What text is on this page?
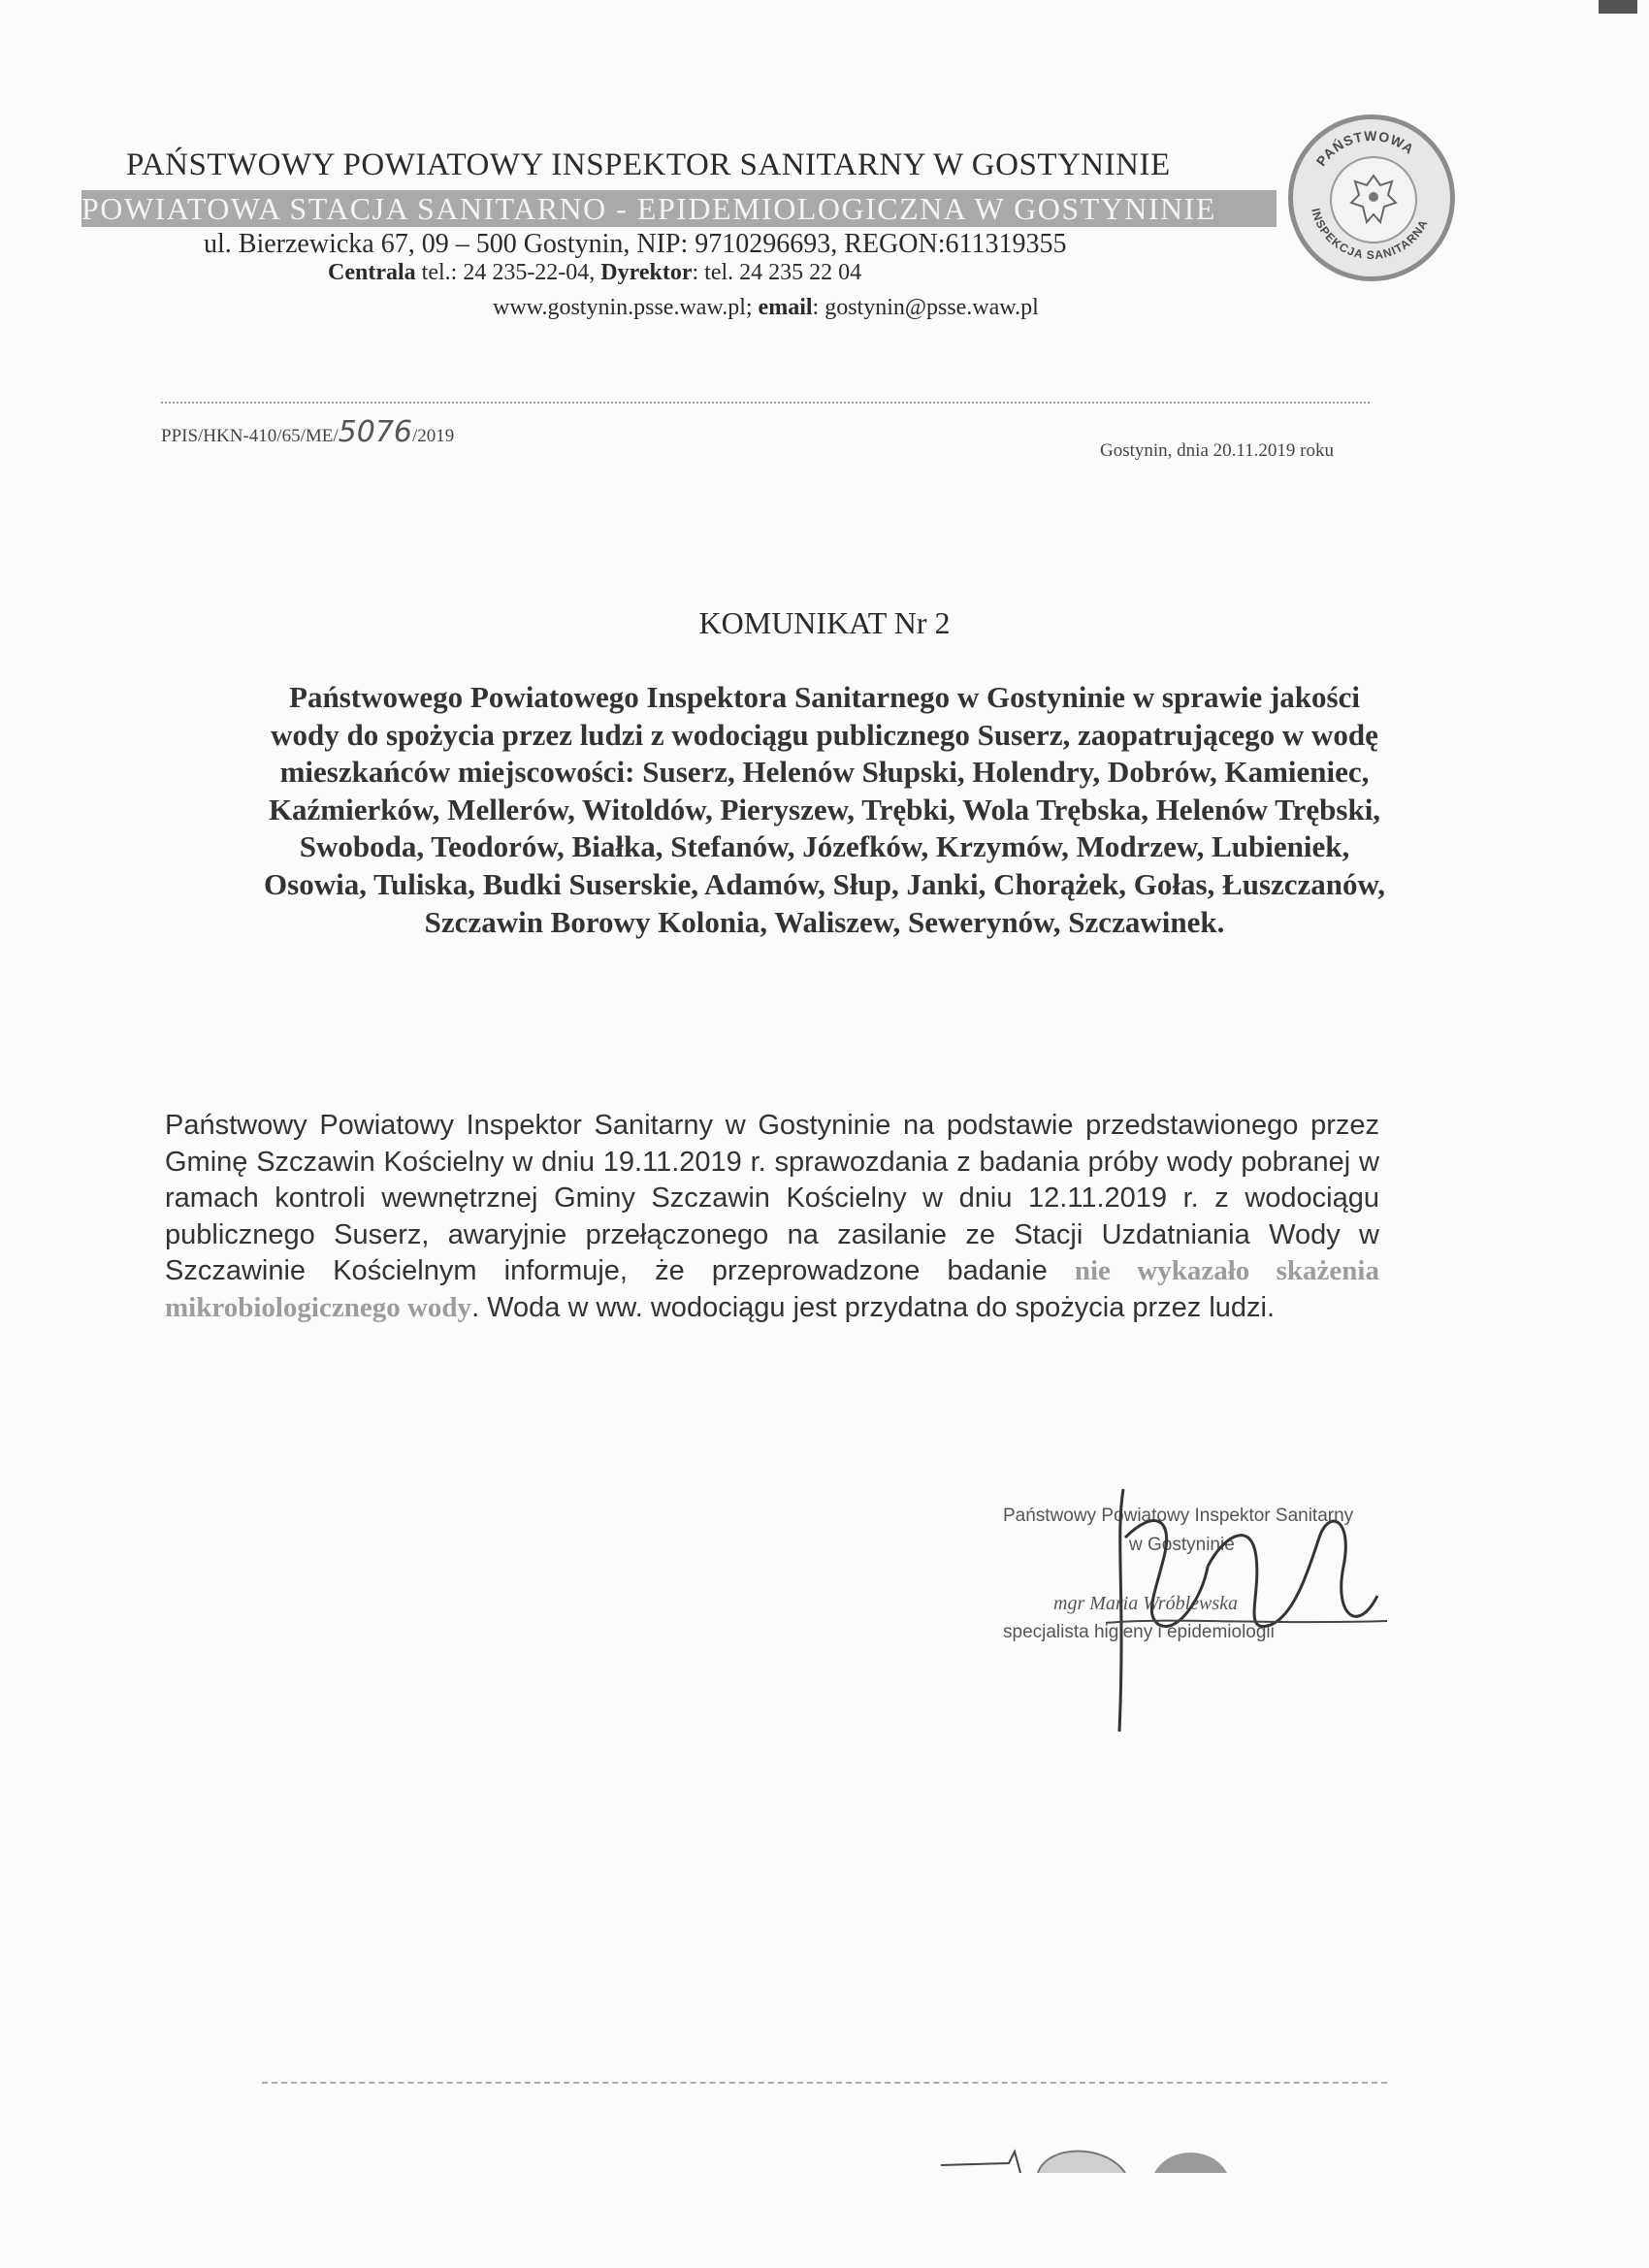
PAŃSTWOWY POWIATOWY INSPEKTOR SANITARNY W GOSTYNINIE
POWIATOWA STACJA SANITARNO - EPIDEMIOLOGICZNA W GOSTYNINIE
ul. Bierzewicka 67, 09 – 500 Gostynin, NIP: 9710296693, REGON:611319355
Centrala tel.: 24 235-22-04, Dyrektor: tel. 24 235 22 04
www.gostynin.psse.waw.pl; email: gostynin@psse.waw.pl
PAŃSTWOWA
INSPEKCJA SANITARNA
PPIS/HKN-410/65/ME/5076/2019
Gostynin, dnia 20.11.2019 roku
KOMUNIKAT Nr 2
Państwowego Powiatowego Inspektora Sanitarnego w Gostyninie w sprawie jakości
wody do spożycia przez ludzi z wodociągu publicznego Suserz, zaopatrującego w wodę
mieszkańców miejscowości: Suserz, Helenów Słupski, Holendry, Dobrów, Kamieniec,
Kaźmierków, Mellerów, Witoldów, Pieryszew, Trębki, Wola Trębska, Helenów Trębski,
Swoboda, Teodorów, Białka, Stefanów, Józefków, Krzymów, Modrzew, Lubieniek,
Osowia, Tuliska, Budki Suserskie, Adamów, Słup, Janki, Chorążek, Gołas, Łuszczanów,
Szczawin Borowy Kolonia, Waliszew, Sewerynów, Szczawinek.
Państwowy Powiatowy Inspektor Sanitarny w Gostyninie na podstawie przedstawionego przez Gminę Szczawin Kościelny w dniu 19.11.2019 r. sprawozdania z badania próby wody pobranej w ramach kontroli wewnętrznej Gminy Szczawin Kościelny w dniu 12.11.2019 r. z wodociągu publicznego Suserz, awaryjnie przełączonego na zasilanie ze Stacji Uzdatniania Wody w Szczawinie Kościelnym informuje, że przeprowadzone badanie nie wykazało skażenia mikrobiologicznego wody. Woda w ww. wodociągu jest przydatna do spożycia przez ludzi.
Państwowy Powiatowy Inspektor Sanitarny
w Gostyninie
mgr Maria Wróblewska
specjalista higieny i epidemiologii
